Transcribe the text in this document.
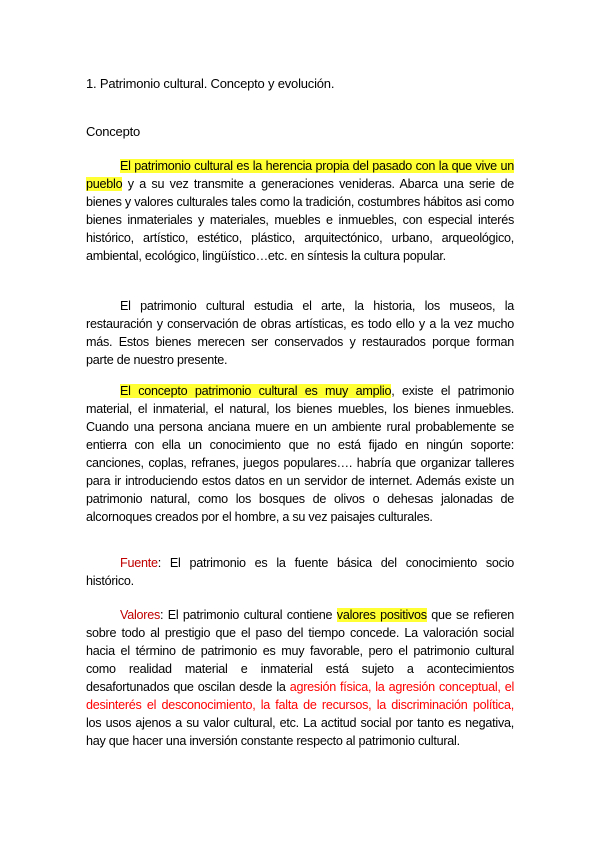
1. Patrimonio cultural. Concepto y evolución.
Concepto

El patrimonio cultural es la herencia propia del pasado con la que vive un pueblo y a su vez transmite a generaciones venideras. Abarca una serie de bienes y valores culturales tales como la tradición, costumbres hábitos asi como bienes inmateriales y materiales, muebles e inmuebles, con especial interés histórico, artístico, estético, plástico, arquitectónico, urbano, arqueológico, ambiental, ecológico, lingüístico…etc. en síntesis la cultura popular.

El patrimonio cultural estudia el arte, la historia, los museos, la restauración y conservación de obras artísticas, es todo ello y a la vez mucho más. Estos bienes merecen ser conservados y restaurados porque forman parte de nuestro presente.

El concepto patrimonio cultural es muy amplio, existe el patrimonio material, el inmaterial, el natural, los bienes muebles, los bienes inmuebles. Cuando una persona anciana muere en un ambiente rural probablemente se entierra con ella un conocimiento que no está fijado en ningún soporte: canciones, coplas, refranes, juegos populares…. habría que organizar talleres para ir introduciendo estos datos en un servidor de internet. Además existe un patrimonio natural, como los bosques de olivos o dehesas jalonadas de alcornoques creados por el hombre, a su vez paisajes culturales.

Fuente: El patrimonio es la fuente básica del conocimiento socio histórico.

Valores: El patrimonio cultural contiene valores positivos que se refieren sobre todo al prestigio que el paso del tiempo concede. La valoración social hacia el término de patrimonio es muy favorable, pero el patrimonio cultural como realidad material e inmaterial está sujeto a acontecimientos desafortunados que oscilan desde la agresión física, la agresión conceptual, el desinterés el desconocimiento, la falta de recursos, la discriminación política, los usos ajenos a su valor cultural, etc. La actitud social por tanto es negativa, hay que hacer una inversión constante respecto al patrimonio cultural.
